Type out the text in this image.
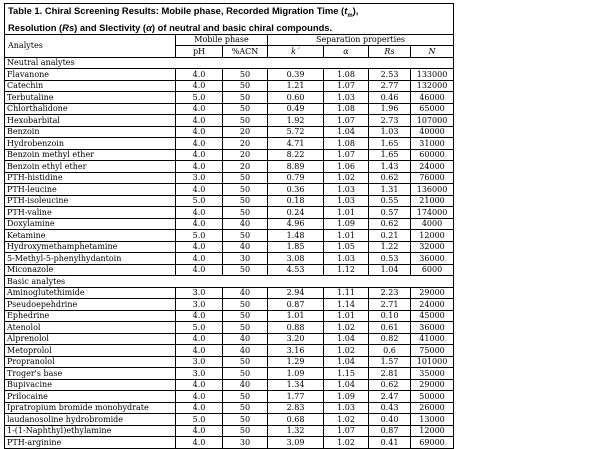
Table 1. Chiral Screening Results: Mobile phase, Recorded Migration Time $(t_m)$,
Resolution (Rs) and Slectivity (α) of neutral and basic chiral compounds.						
Analytes	Mobile phase		Separation properties			
	pH	%ACN	k´	α	Rs	N
Neutral analytes						
Flavanone	4.0	50	0.39	1.08	2.53	133000
Catechin	4.0	50	1.21	1.07	2.77	132000
Terbutaline	5.0	50	0.60	1.03	0.46	46000
Chlorthalidone	4.0	50	0.49	1.08	1.96	65000
Hexobarbital	4.0	50	1.92	1.07	2.73	107000
Benzoin	4.0	20	5.72	1.04	1.03	40000
Hydrobenzoin	4.0	20	4.71	1.08	1.65	31000
Benzoin methyl ether	4.0	20	8.22	1.07	1.65	60000
Benzoin ethyl ether	4.0	20	8.89	1.06	1.43	24000
PTH-histidine	3.0	50	0.79	1.02	0.62	76000
PTH-leucine	4.0	50	0.36	1.03	1.31	136000
PTH-isoleucine	5.0	50	0.18	1.03	0.55	21000
PTH-valine	4.0	50	0.24	1.01	0.57	174000
Doxylamine	4.0	40	4.96	1.09	0.62	4000
Ketamine	5.0	50	1.48	1.01	0.21	12000
Hydroxymethamphetamine	4.0	40	1.85	1.05	1.22	32000
5-Methyl-5-phenylhydantoin	4.0	30	3.08	1.03	0.53	36000
Miconazole	4.0	50	4.53	1.12	1.04	6000
Basic analytes						
Aminoglutethimide	3.0	40	2.94	1.11	2.23	29000
Pseudoepehdrine	3.0	50	0.87	1.14	2.71	24000
Ephedrine	4.0	50	1.01	1.01	0.10	45000
Atenolol	5.0	50	0.88	1.02	0.61	36000
Alprenolol	4.0	40	3.20	1.04	0.82	41000
Metoprolol	4.0	40	3.16	1.02	0.6	75000
Propranolol	3.0	50	1.29	1.04	1.57	101000
Troger's base	3.0	50	1.09	1.15	2.81	35000
Bupivacine	4.0	40	1.34	1.04	0.62	29000
Prilocaine	4.0	50	1.77	1.09	2.47	50000
Ipratropium bromide monohydrate	4.0	50	2.83	1.03	0.43	26000
laudanosoline hydrobromide	5.0	50	0.68	1.02	0.40	13000
1-(1-Naphthyl)ethylamine	4.0	50	1.32	1.07	0.87	12000
PTH-arginine	4.0	30	3.09	1.02	0.41	69000
